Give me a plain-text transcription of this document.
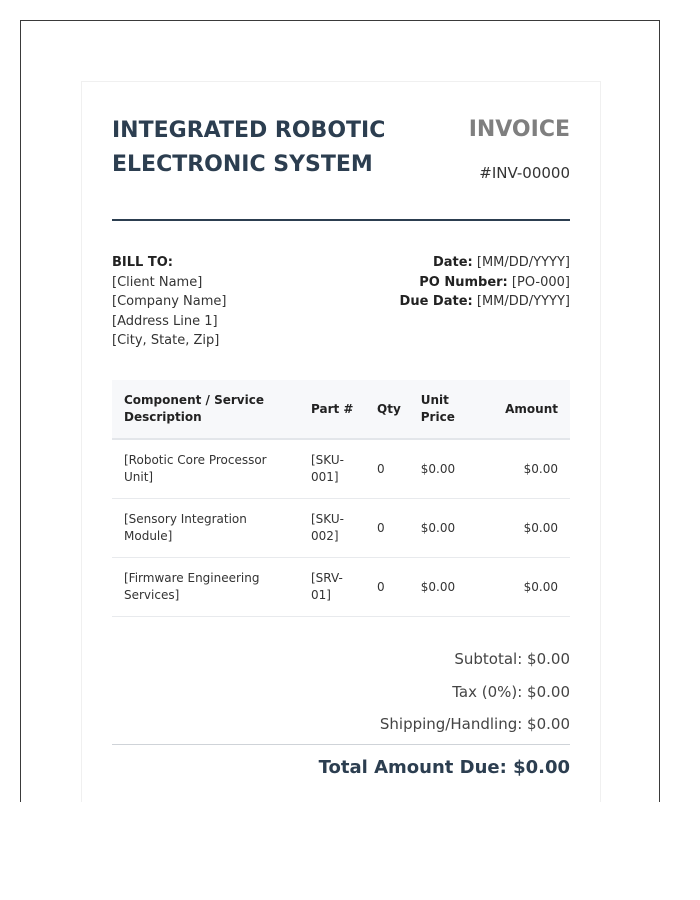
INTEGRATED ROBOTIC ELECTRONIC SYSTEM
INVOICE
#INV-00000
BILL TO:
[Client Name]
[Company Name]
[Address Line 1]
[City, State, Zip]
Date: [MM/DD/YYYY]
PO Number: [PO-000]
Due Date: [MM/DD/YYYY]
Component / Service Description	Part #	Qty	Unit Price	Amount
[Robotic Core Processor Unit]	[SKU-001]	0	$0.00	$0.00
[Sensory Integration Module]	[SKU-002]	0	$0.00	$0.00
[Firmware Engineering Services]	[SRV-01]	0	$0.00	$0.00
Subtotal: $0.00
Tax (0%): $0.00
Shipping/Handling: $0.00
Total Amount Due: $0.00
